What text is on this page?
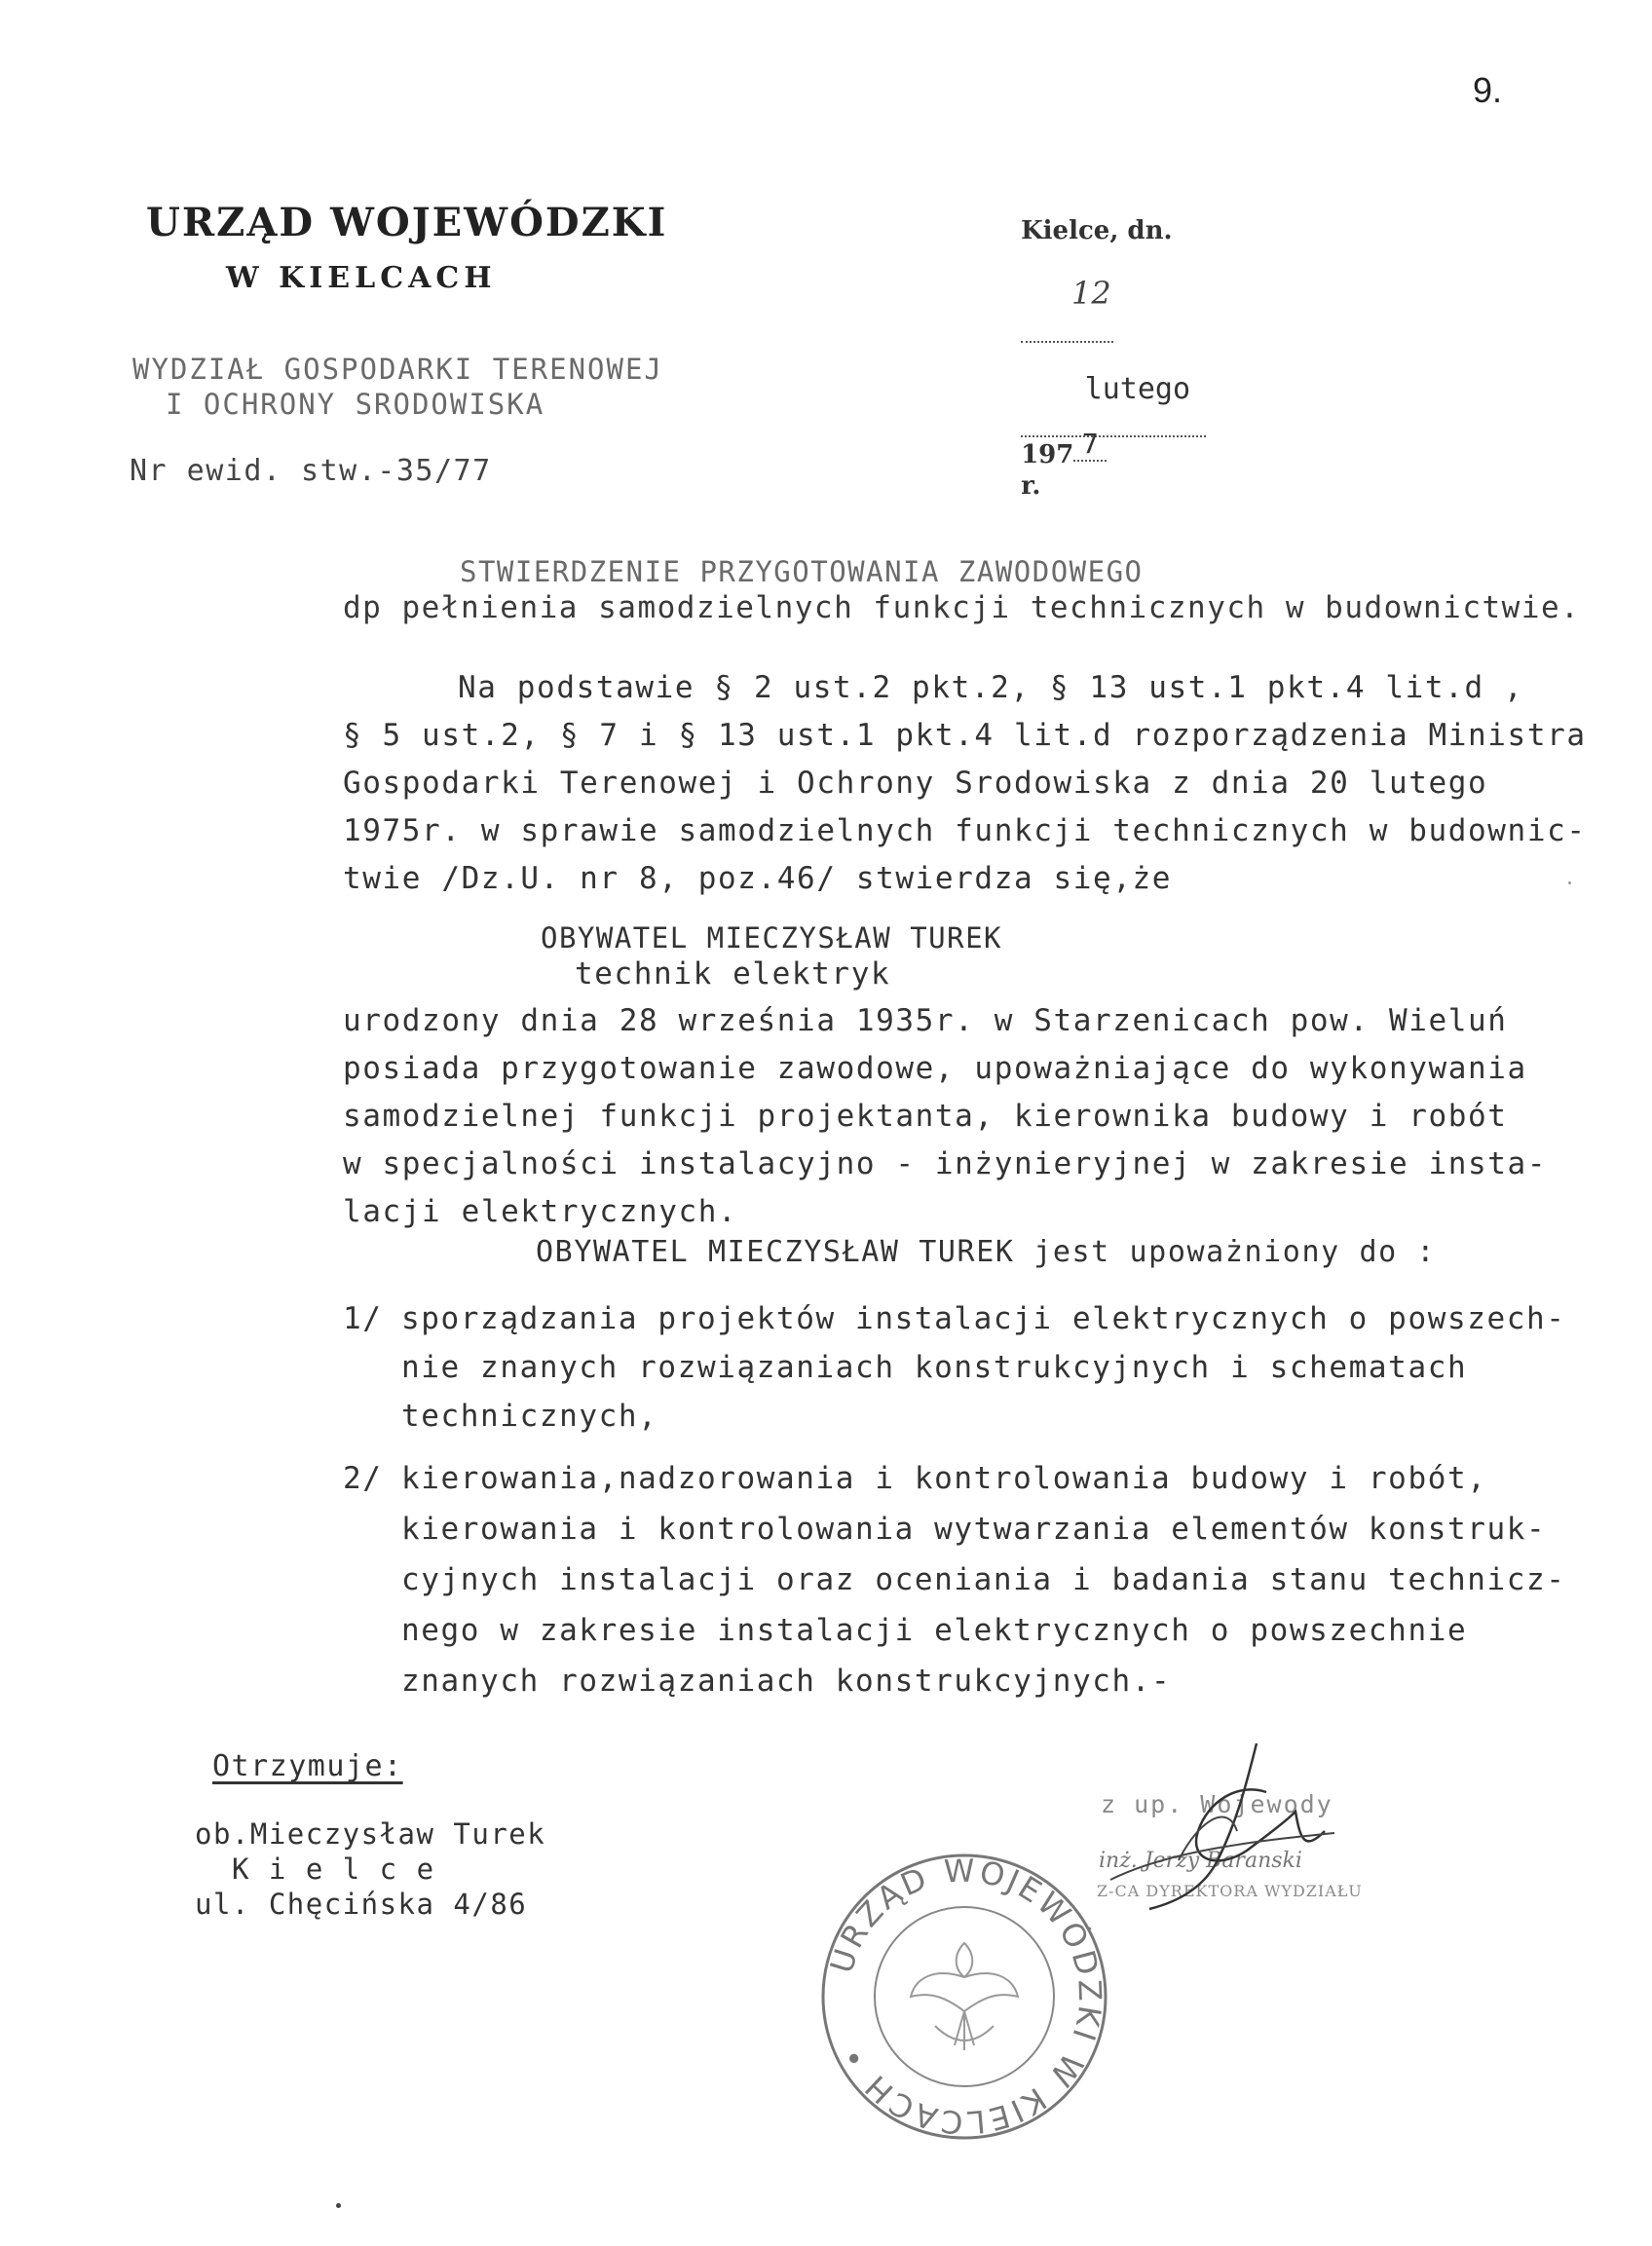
9.
URZĄD WOJEWÓDZKI
W KIELCACH

Kielce, dn.

12

lutego

197 7
r.

WYDZIAŁ GOSPODARKI TERENOWEJ
I OCHRONY SRODOWISKA
Nr ewid. stw.-35/77
STWIERDZENIE PRZYGOTOWANIA ZAWODOWEGO
dp pełnienia samodzielnych funkcji technicznych w budownictwie.
Na podstawie § 2 ust.2 pkt.2, § 13 ust.1 pkt.4 lit.d ,
§ 5 ust.2, § 7 i § 13 ust.1 pkt.4 lit.d rozporządzenia Ministra
Gospodarki Terenowej i Ochrony Srodowiska z dnia 20 lutego
1975r. w sprawie samodzielnych funkcji technicznych w budownic-
twie /Dz.U. nr 8, poz.46/ stwierdza się,że
OBYWATEL MIECZYSŁAW TUREK
technik elektryk
urodzony dnia 28 września 1935r. w Starzenicach pow. Wieluń
posiada przygotowanie zawodowe, upoważniające do wykonywania
samodzielnej funkcji projektanta, kierownika budowy i robót
w specjalności instalacyjno - inżynieryjnej w zakresie insta-
lacji elektrycznych.
OBYWATEL MIECZYSŁAW TUREK jest upoważniony do :
1/ sporządzania projektów instalacji elektrycznych o powszech-
nie znanych rozwiązaniach konstrukcyjnych i schematach
technicznych,
2/ kierowania,nadzorowania i kontrolowania budowy i robót,
kierowania i kontrolowania wytwarzania elementów konstruk-
cyjnych instalacji oraz oceniania i badania stanu technicz-
nego w zakresie instalacji elektrycznych o powszechnie
znanych rozwiązaniach konstrukcyjnych.-
Otrzymuje:
ob.Mieczysław Turek
K i e l c e
ul. Chęcińska 4/86
z up. Wojewody
inż. Jerzy Baranski
Z-CA DYREKTORA WYDZIAŁU
URZĄD WOJEWÓDZKI W KIELCACH •
